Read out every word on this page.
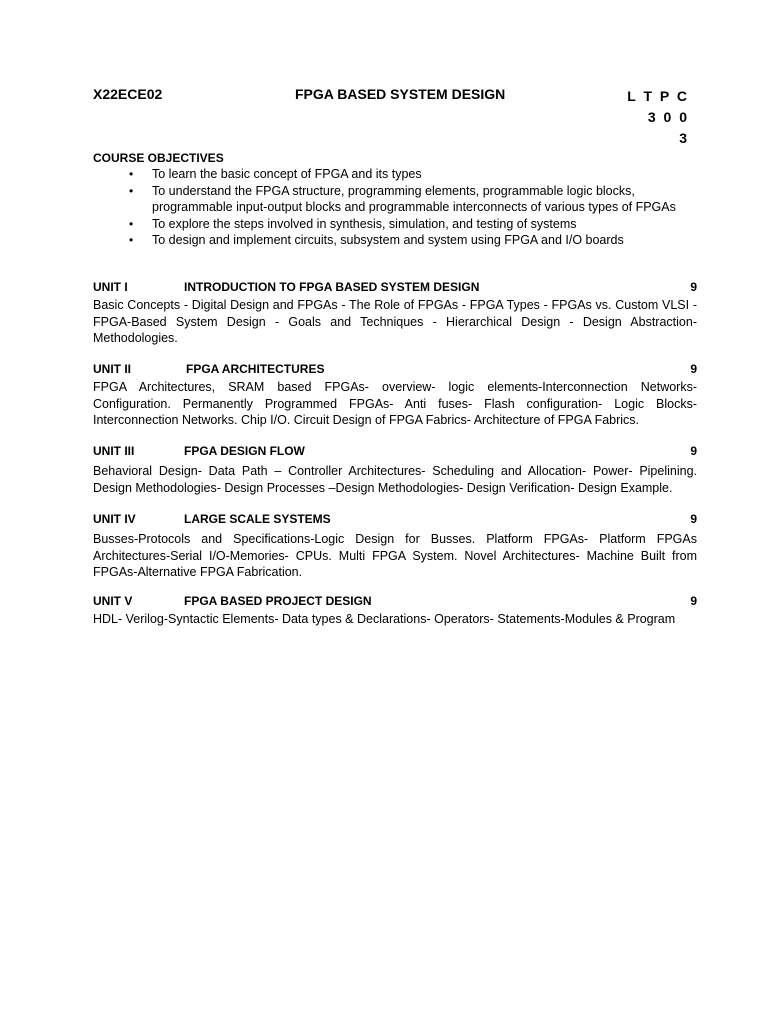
X22ECE02	FPGA BASED SYSTEM DESIGN	L T P C
3 0 0
3
COURSE OBJECTIVES
• To learn the basic concept of FPGA and its types
• To understand the FPGA structure, programming elements, programmable logic blocks, programmable input-output blocks and programmable interconnects of various types of FPGAs
• To explore the steps involved in synthesis, simulation, and testing of systems
• To design and implement circuits, subsystem and system using FPGA and I/O boards
UNIT I	INTRODUCTION TO FPGA BASED SYSTEM DESIGN	9
Basic Concepts - Digital Design and FPGAs - The Role of FPGAs - FPGA Types - FPGAs vs. Custom VLSI - FPGA-Based System Design - Goals and Techniques - Hierarchical Design - Design Abstraction- Methodologies.
UNIT II	FPGA ARCHITECTURES	9
FPGA Architectures, SRAM based FPGAs- overview- logic elements-Interconnection Networks- Configuration. Permanently Programmed FPGAs- Anti fuses- Flash configuration- Logic Blocks- Interconnection Networks. Chip I/O. Circuit Design of FPGA Fabrics- Architecture of FPGA Fabrics.
UNIT III	FPGA DESIGN FLOW	9
Behavioral Design- Data Path – Controller Architectures- Scheduling and Allocation- Power- Pipelining. Design Methodologies- Design Processes –Design Methodologies- Design Verification- Design Example.
UNIT IV	LARGE SCALE SYSTEMS	9
Busses-Protocols and Specifications-Logic Design for Busses. Platform FPGAs- Platform FPGAs Architectures-Serial I/O-Memories- CPUs. Multi FPGA System. Novel Architectures- Machine Built from FPGAs-Alternative FPGA Fabrication.
UNIT V	FPGA BASED PROJECT DESIGN	9
HDL- Verilog-Syntactic Elements- Data types & Declarations- Operators- Statements-Modules & Program
